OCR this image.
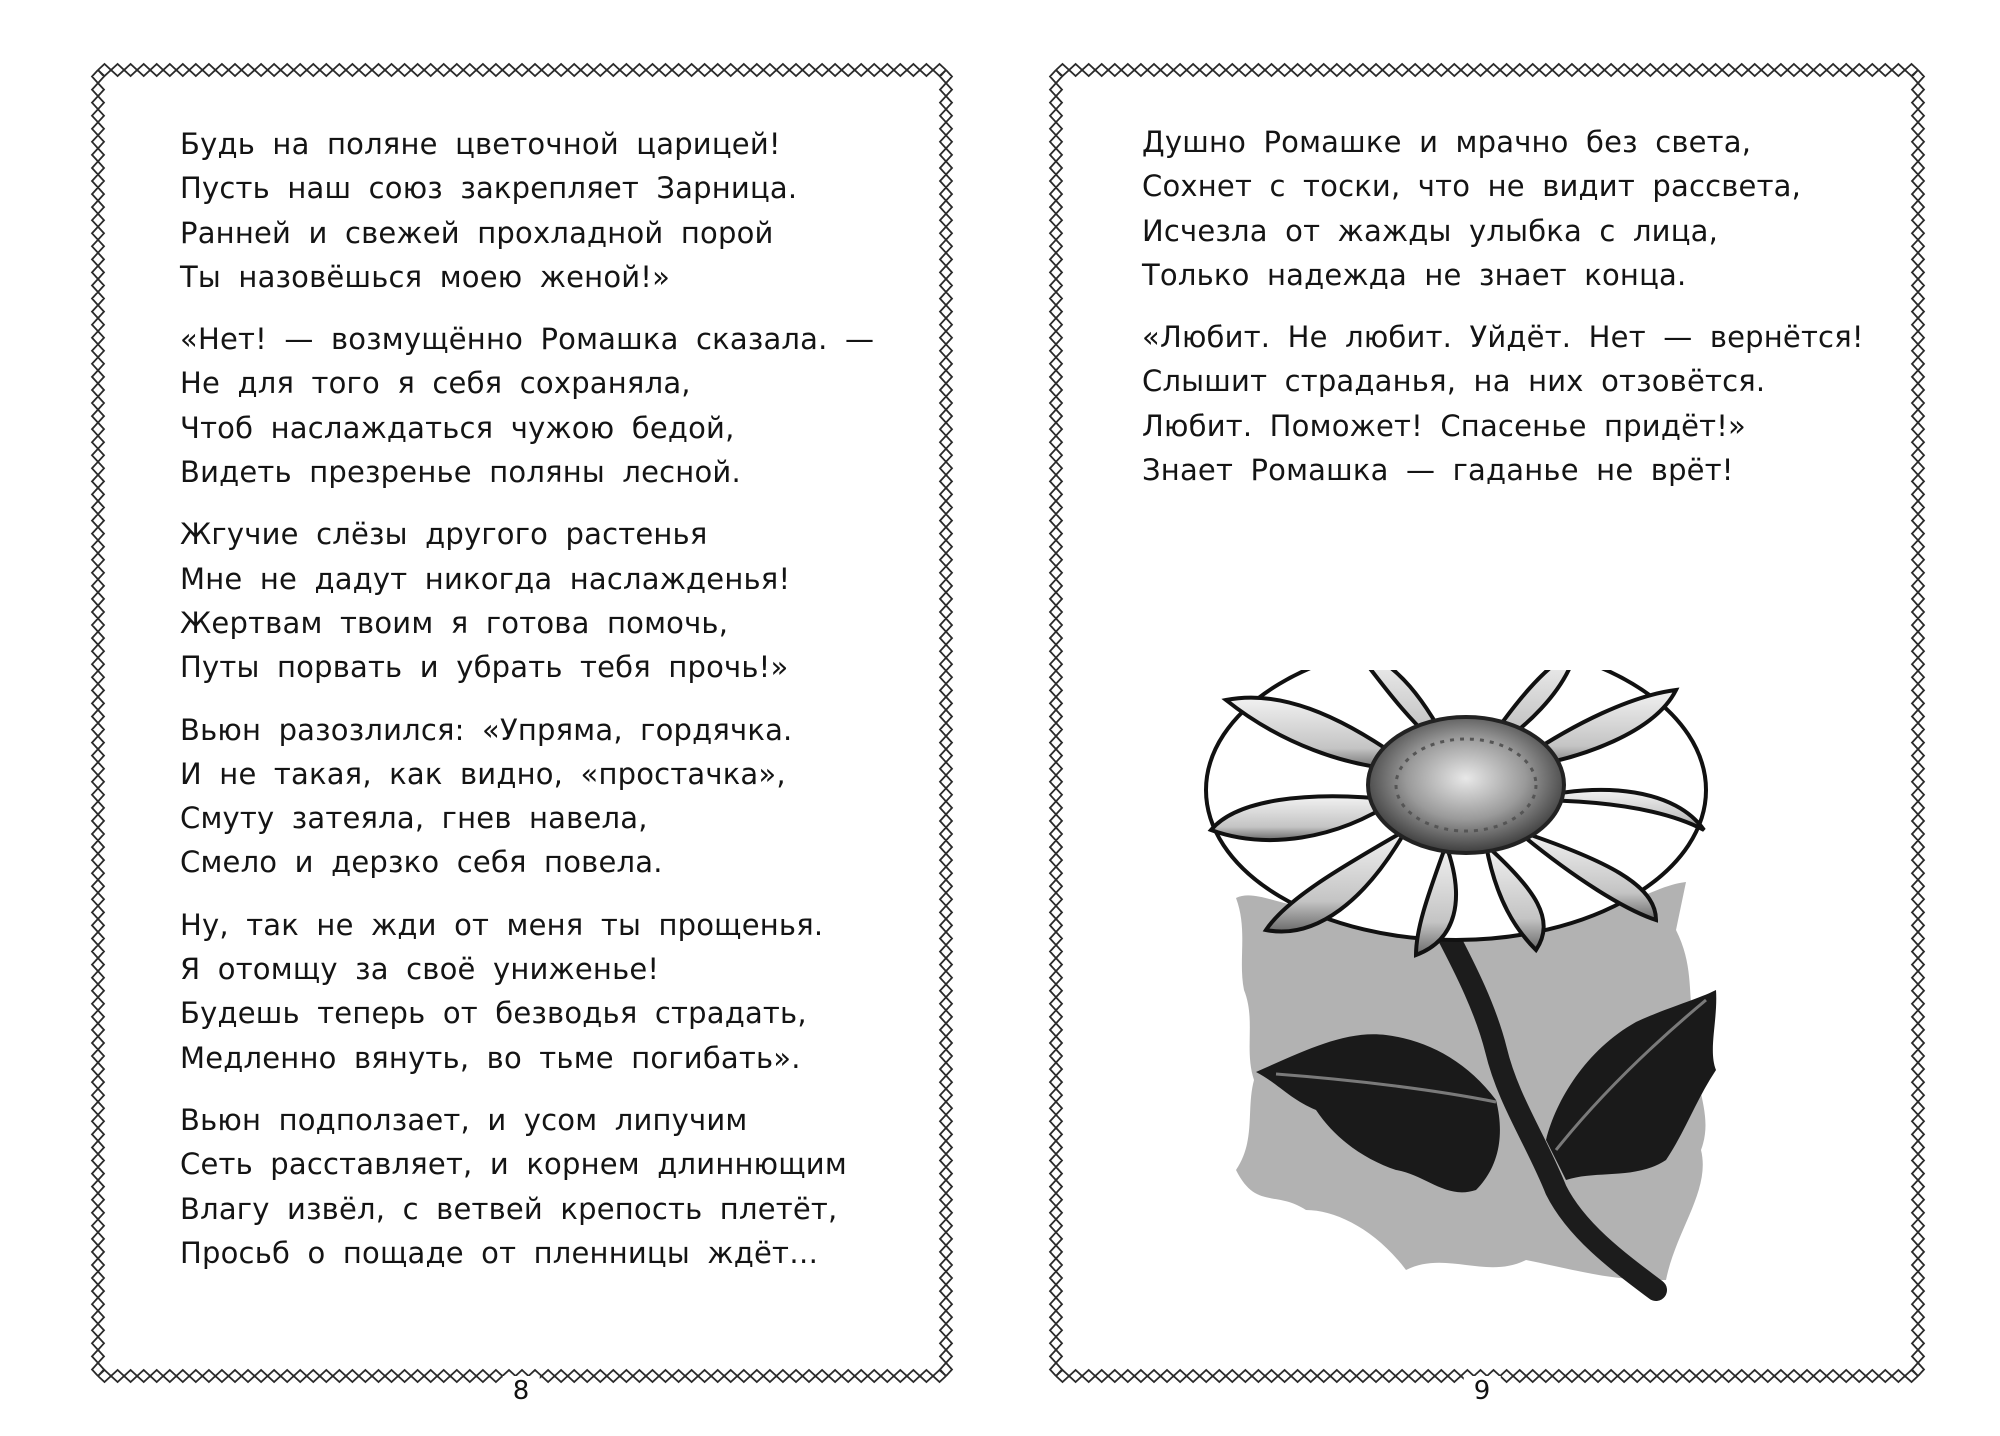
Будь на поляне цветочной царицей!
Пусть наш союз закрепляет Зарница.
Ранней и свежей прохладной порой
Ты назовёшься моею женой!»
«Нет! — возмущённо Ромашка сказала. —
Не для того я себя сохраняла,
Чтоб наслаждаться чужою бедой,
Видеть презренье поляны лесной.
Жгучие слёзы другого растенья
Мне не дадут никогда наслажденья!
Жертвам твоим я готова помочь,
Путы порвать и убрать тебя прочь!»
Вьюн разозлился: «Упряма, гордячка.
И не такая, как видно, «простачка»,
Смуту затеяла, гнев навела,
Смело и дерзко себя повела.
Ну, так не жди от меня ты прощенья.
Я отомщу за своё униженье!
Будешь теперь от безводья страдать,
Медленно вянуть, во тьме погибать».
Вьюн подползает, и усом липучим
Сеть расставляет, и корнем длиннющим
Влагу извёл, с ветвей крепость плетёт,
Просьб о пощаде от пленницы ждёт…
8
Душно Ромашке и мрачно без света,
Сохнет с тоски, что не видит рассвета,
Исчезла от жажды улыбка с лица,
Только надежда не знает конца.
«Любит. Не любит. Уйдёт. Нет — вернётся!
Слышит страданья, на них отзовётся.
Любит. Поможет! Спасенье придёт!»
Знает Ромашка — гаданье не врёт!
9
